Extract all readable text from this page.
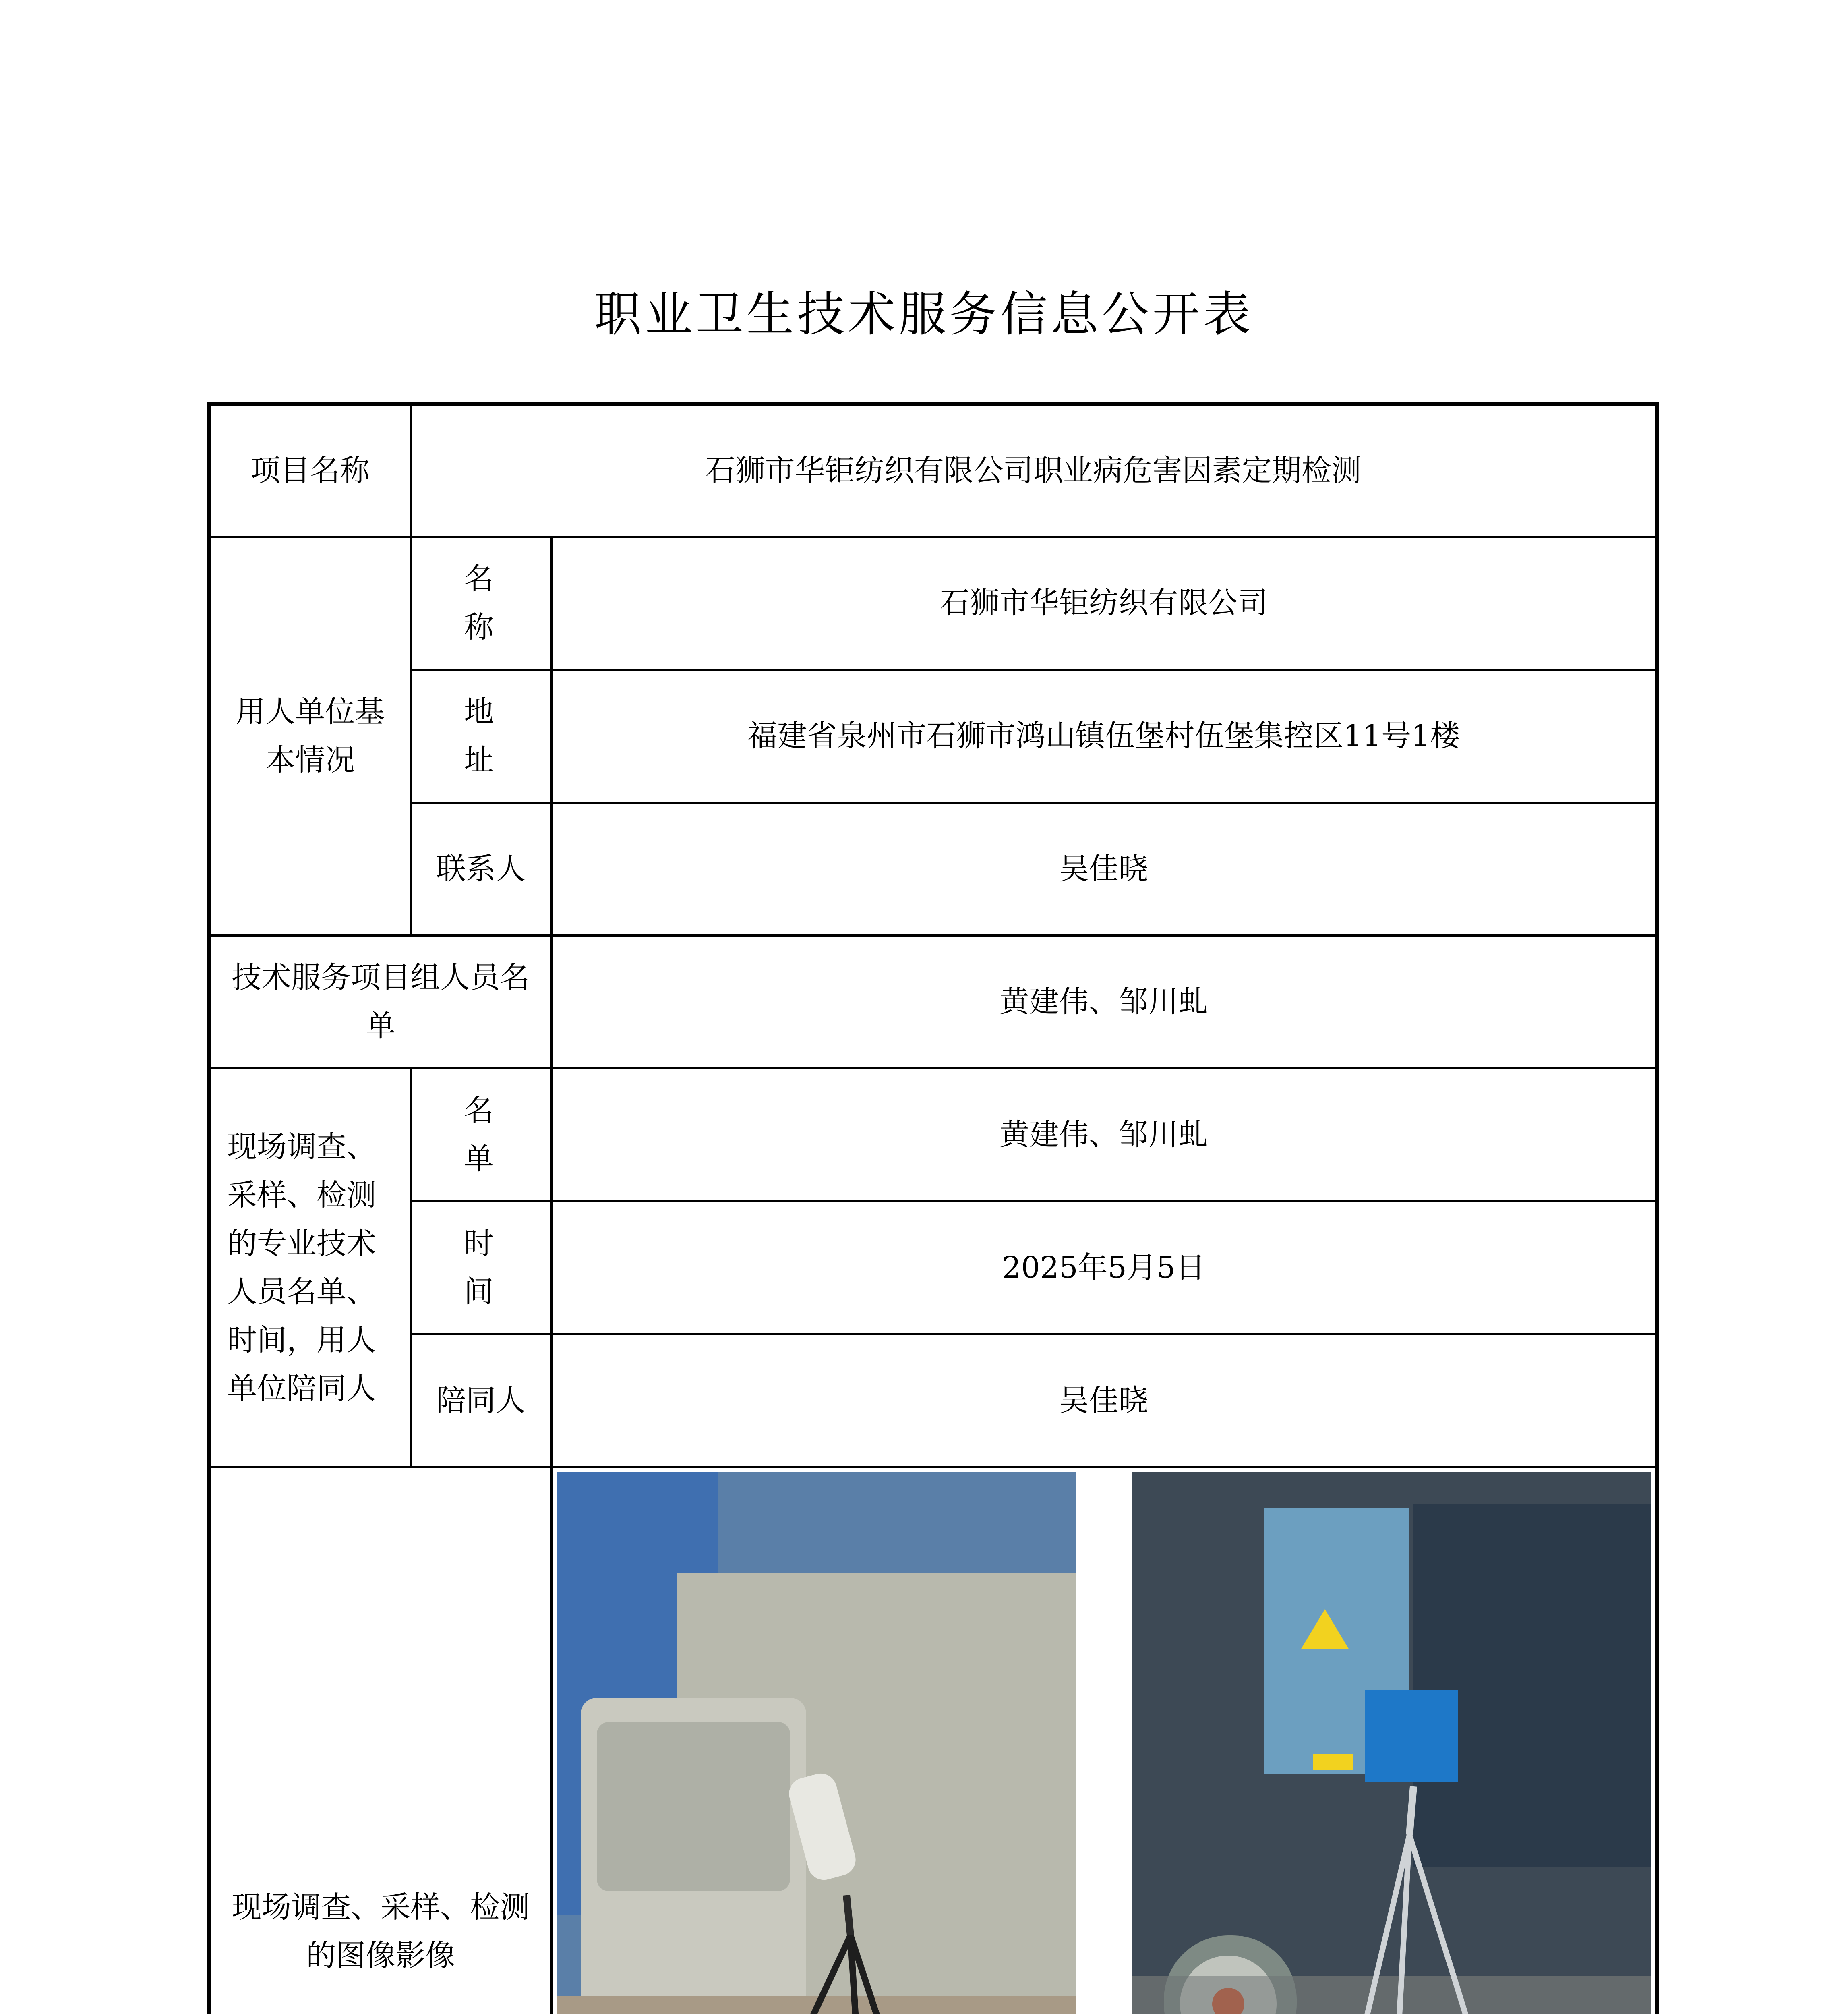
职业卫生技术服务信息公开表
项目名称	石狮市华钜纺织有限公司职业病危害因素定期检测	
用人单位基本情况	名 称	石狮市华钜纺织有限公司
	地 址	福建省泉州市石狮市鸿山镇伍堡村伍堡集控区11号1楼
	联系人	吴佳晓
技术服务项目组人员名单		黄建伟、邹川虬
现场调查、采样、检测的专业技术人员名单、时间，用人单位陪同人	名 单	黄建伟、邹川虬
	时 间	2025年5月5日
	陪同人	吴佳晓
现场调查、采样、检测的图像影像	
